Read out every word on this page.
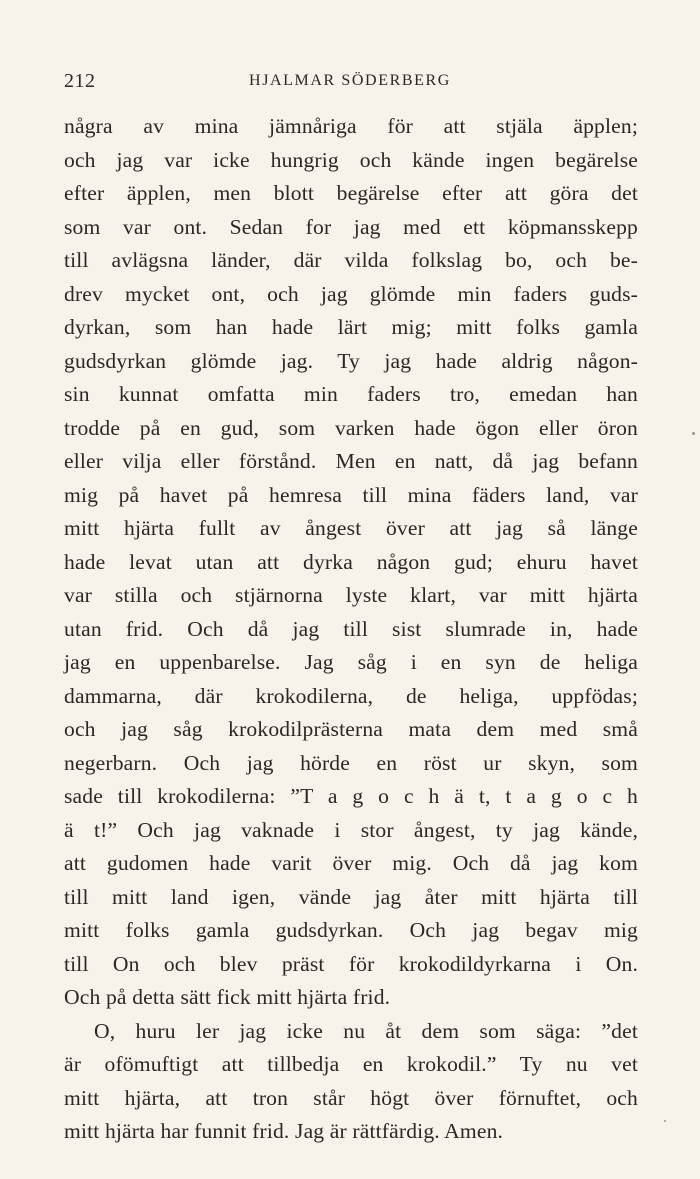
212	HJALMAR SÖDERBERG
några av mina jämnåriga för att stjäla äpplen;
och jag var icke hungrig och kände ingen begärelse
efter äpplen, men blott begärelse efter att göra det
som var ont. Sedan for jag med ett köpmansskepp
till avlägsna länder, där vilda folkslag bo, och be-
drev mycket ont, och jag glömde min faders guds-
dyrkan, som han hade lärt mig; mitt folks gamla
gudsdyrkan glömde jag. Ty jag hade aldrig någon-
sin kunnat omfatta min faders tro, emedan han
trodde på en gud, som varken hade ögon eller öron
eller vilja eller förstånd. Men en natt, då jag befann
mig på havet på hemresa till mina fäders land, var
mitt hjärta fullt av ångest över att jag så länge
hade levat utan att dyrka någon gud; ehuru havet
var stilla och stjärnorna lyste klart, var mitt hjärta
utan frid. Och då jag till sist slumrade in, hade
jag en uppenbarelse. Jag såg i en syn de heliga
dammarna, där krokodilerna, de heliga, uppfödas;
och jag såg krokodilprästerna mata dem med små
negerbarn. Och jag hörde en röst ur skyn, som
sade till krokodilerna: ”T a g o c h ä t, t a g o c h
ä t!” Och jag vaknade i stor ångest, ty jag kände,
att gudomen hade varit över mig. Och då jag kom
till mitt land igen, vände jag åter mitt hjärta till
mitt folks gamla gudsdyrkan. Och jag begav mig
till On och blev präst för krokodildyrkarna i On.
Och på detta sätt fick mitt hjärta frid.
O, huru ler jag icke nu åt dem som säga: ”det
är ofömuftigt att tillbedja en krokodil.” Ty nu vet
mitt hjärta, att tron står högt över förnuftet, och
mitt hjärta har funnit frid. Jag är rättfärdig. Amen.
